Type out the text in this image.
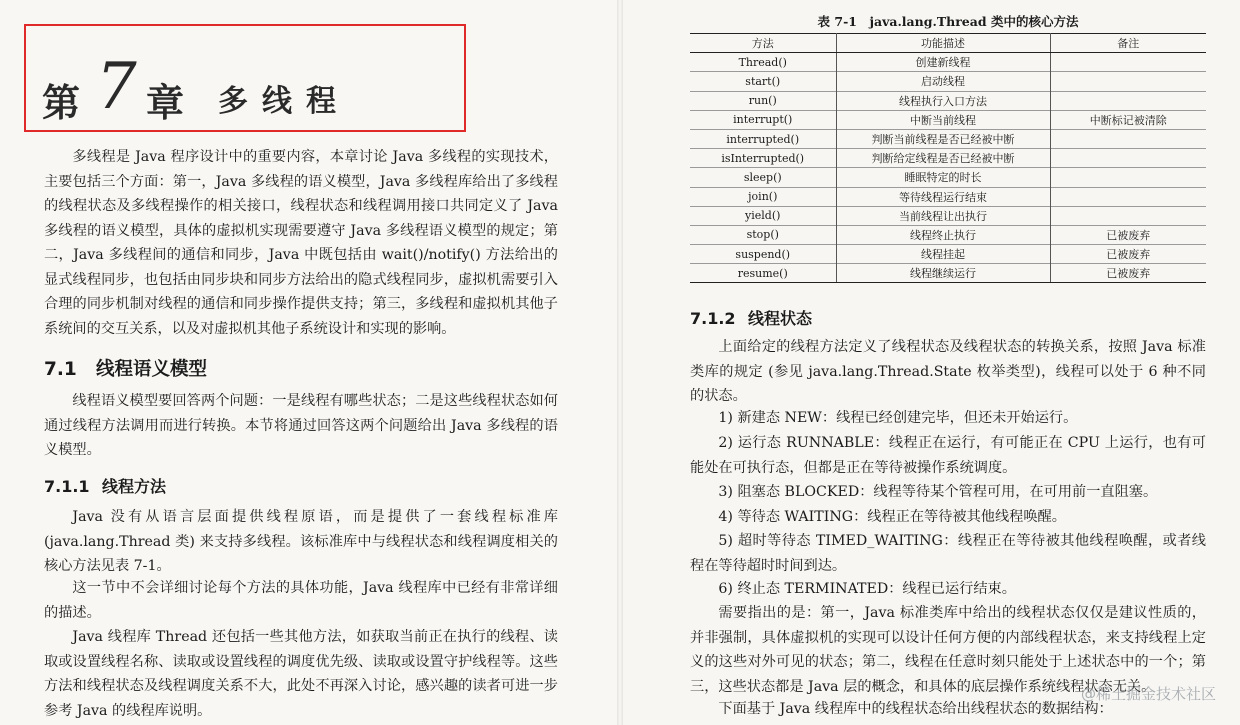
第 7 章 多线程

多线程是 Java 程序设计中的重要内容，本章讨论 Java 多线程的实现技术，主要包括三个方面：第一，Java 多线程的语义模型，Java 多线程库给出了多线程的线程状态及多线程操作的相关接口，线程状态和线程调用接口共同定义了 Java 多线程的语义模型，具体的虚拟机实现需要遵守 Java 多线程语义模型的规定；第二，Java 多线程间的通信和同步，Java 中既包括由 wait()/notify() 方法给出的显式线程同步，也包括由同步块和同步方法给出的隐式线程同步，虚拟机需要引入合理的同步机制对线程的通信和同步操作提供支持；第三，多线程和虚拟机其他子系统间的交互关系，以及对虚拟机其他子系统设计和实现的影响。

7.1 线程语义模型

线程语义模型要回答两个问题：一是线程有哪些状态；二是这些线程状态如何通过线程方法调用而进行转换。本节将通过回答这两个问题给出 Java 多线程的语义模型。

7.1.1 线程方法

Java 没有从语言层面提供线程原语，而是提供了一套线程标准库 (java.lang.Thread 类) 来支持多线程。该标准库中与线程状态和线程调度相关的核心方法见表 7-1。

这一节中不会详细讨论每个方法的具体功能，Java 线程库中已经有非常详细的描述。

Java 线程库 Thread 还包括一些其他方法，如获取当前正在执行的线程、读取或设置线程名称、读取或设置线程的调度优先级、读取或设置守护线程等。这些方法和线程状态及线程调度关系不大，此处不再深入讨论，感兴趣的读者可进一步参考 Java 的线程库说明。

表 7-1　java.lang.Thread 类中的核心方法
方法	功能描述	备注
Thread()	创建新线程	
start()	启动线程	
run()	线程执行入口方法	
interrupt()	中断当前线程	中断标记被清除
interrupted()	判断当前线程是否已经被中断	
isInterrupted()	判断给定线程是否已经被中断	
sleep()	睡眠特定的时长	
join()	等待线程运行结束	
yield()	当前线程让出执行	
stop()	线程终止执行	已被废弃
suspend()	线程挂起	已被废弃
resume()	线程继续运行	已被废弃
7.1.2 线程状态

上面给定的线程方法定义了线程状态及线程状态的转换关系，按照 Java 标准类库的规定 (参见 java.lang.Thread.State 枚举类型)，线程可以处于 6 种不同的状态。

1) 新建态 NEW：线程已经创建完毕，但还未开始运行。

2) 运行态 RUNNABLE：线程正在运行，有可能正在 CPU 上运行，也有可能处在可执行态，但都是正在等待被操作系统调度。

3) 阻塞态 BLOCKED：线程等待某个管程可用，在可用前一直阻塞。

4) 等待态 WAITING：线程正在等待被其他线程唤醒。

5) 超时等待态 TIMED_WAITING：线程正在等待被其他线程唤醒，或者线程在等待超时时间到达。

6) 终止态 TERMINATED：线程已运行结束。

需要指出的是：第一，Java 标准类库中给出的线程状态仅仅是建议性质的，并非强制，具体虚拟机的实现可以设计任何方便的内部线程状态，来支持线程上定义的这些对外可见的状态；第二，线程在任意时刻只能处于上述状态中的一个；第三，这些状态都是 Java 层的概念，和具体的底层操作系统线程状态无关。

下面基于 Java 线程库中的线程状态给出线程状态的数据结构：

@稀土掘金技术社区
